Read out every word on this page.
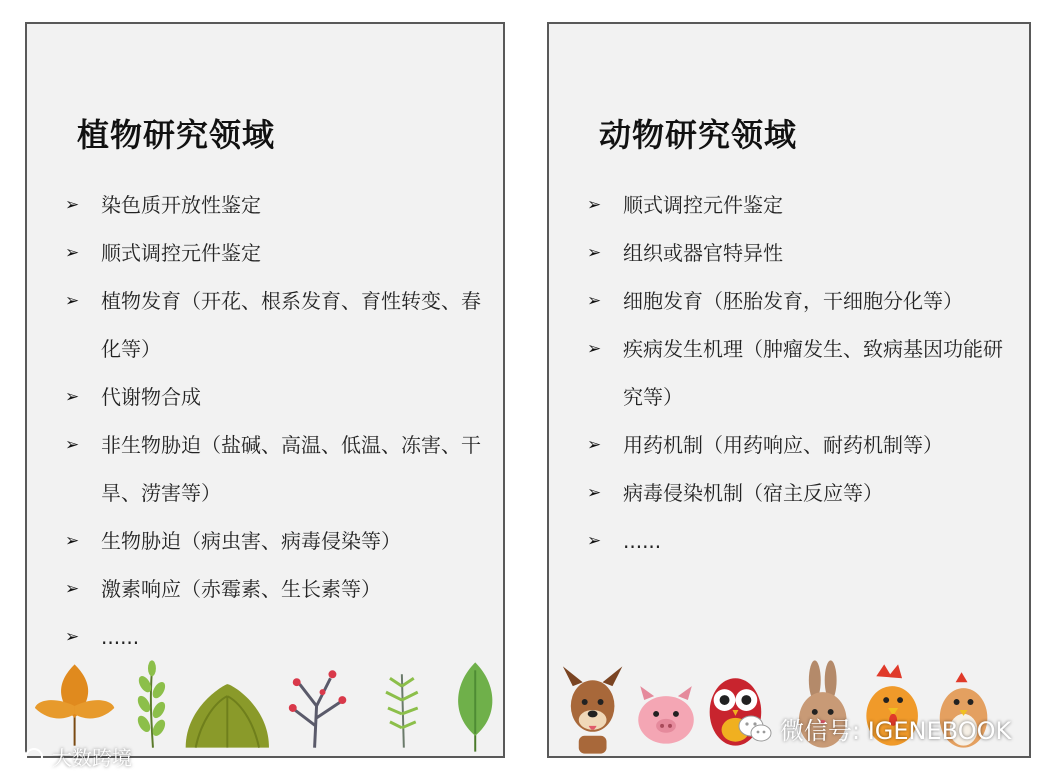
植物研究领域
➢	染色质开放性鉴定
➢	顺式调控元件鉴定
➢	植物发育（开花、根系发育、育性转变、春化等）
➢	代谢物合成
➢	非生物胁迫（盐碱、高温、低温、冻害、干旱、涝害等）
➢	生物胁迫（病虫害、病毒侵染等）
➢	激素响应（赤霉素、生长素等）
➢	......
动物研究领域
➢	顺式调控元件鉴定
➢	组织或器官特异性
➢	细胞发育（胚胎发育，干细胞分化等）
➢	疾病发生机理（肿瘤发生、致病基因功能研究等）
➢	用药机制（用药响应、耐药机制等）
➢	病毒侵染机制（宿主反应等）
➢	......
微信号: IGENEBOOK
大数跨境
